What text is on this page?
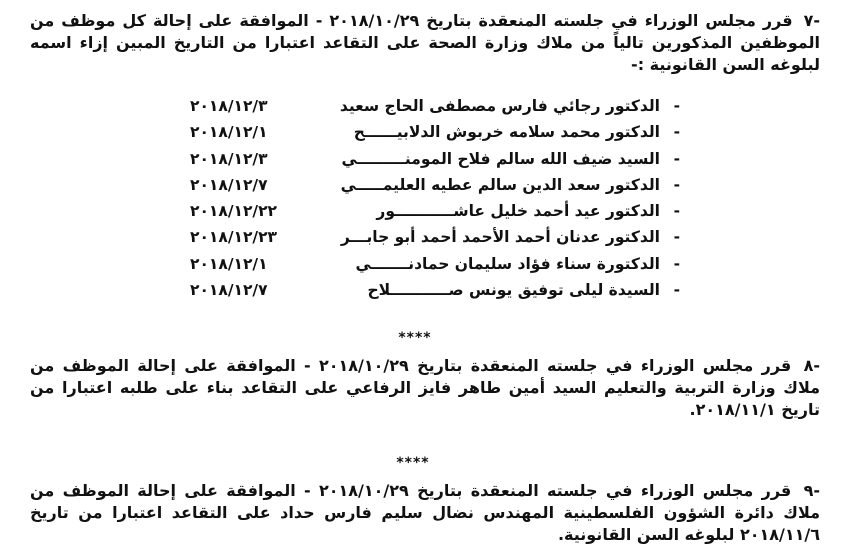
-٧ قرر مجلس الوزراء في جلسته المنعقدة بتاريخ ٢٠١٨/١٠/٢٩ - الموافقة على إحالة كل موظف من الموظفين المذكورين تالياً من ملاك وزارة الصحة على التقاعد اعتبارا من التاريخ المبين إزاء اسمه لبلوغه السن القانونية :-
-
الدكتور رجائي فارس مصطفى الحاج سعيد
٢٠١٨/١٢/٣
-
الدكتور محمد سلامه خربوش الدلابيــــــح
٢٠١٨/١٢/١
-
السيد ضيف الله سالم فلاح المومنـــــــــي
٢٠١٨/١٢/٣
-
الدكتور سعد الدين سالم عطيه العليمـــــي
٢٠١٨/١٢/٧
-
الدكتور عيد أحمد خليل عاشـــــــــــور
٢٠١٨/١٢/٢٢
-
الدكتور عدنان أحمد الأحمد أحمد أبو جابـــر
٢٠١٨/١٢/٢٣
-
الدكتورة سناء فؤاد سليمان حمادنـــــــي
٢٠١٨/١٢/١
-
السيدة ليلى توفيق يونس صـــــــــــلاح
٢٠١٨/١٢/٧
****
-٨ قرر مجلس الوزراء في جلسته المنعقدة بتاريخ ٢٠١٨/١٠/٢٩ - الموافقة على إحالة الموظف من ملاك وزارة التربية والتعليم السيد أمين طاهر فايز الرفاعي على التقاعد بناء على طلبه اعتبارا من تاريخ ٢٠١٨/١١/١.
****
-٩ قرر مجلس الوزراء في جلسته المنعقدة بتاريخ ٢٠١٨/١٠/٢٩ - الموافقة على إحالة الموظف من ملاك دائرة الشؤون الفلسطينية المهندس نضال سليم فارس حداد على التقاعد اعتبارا من تاريخ ٢٠١٨/١١/٦ لبلوغه السن القانونية.
